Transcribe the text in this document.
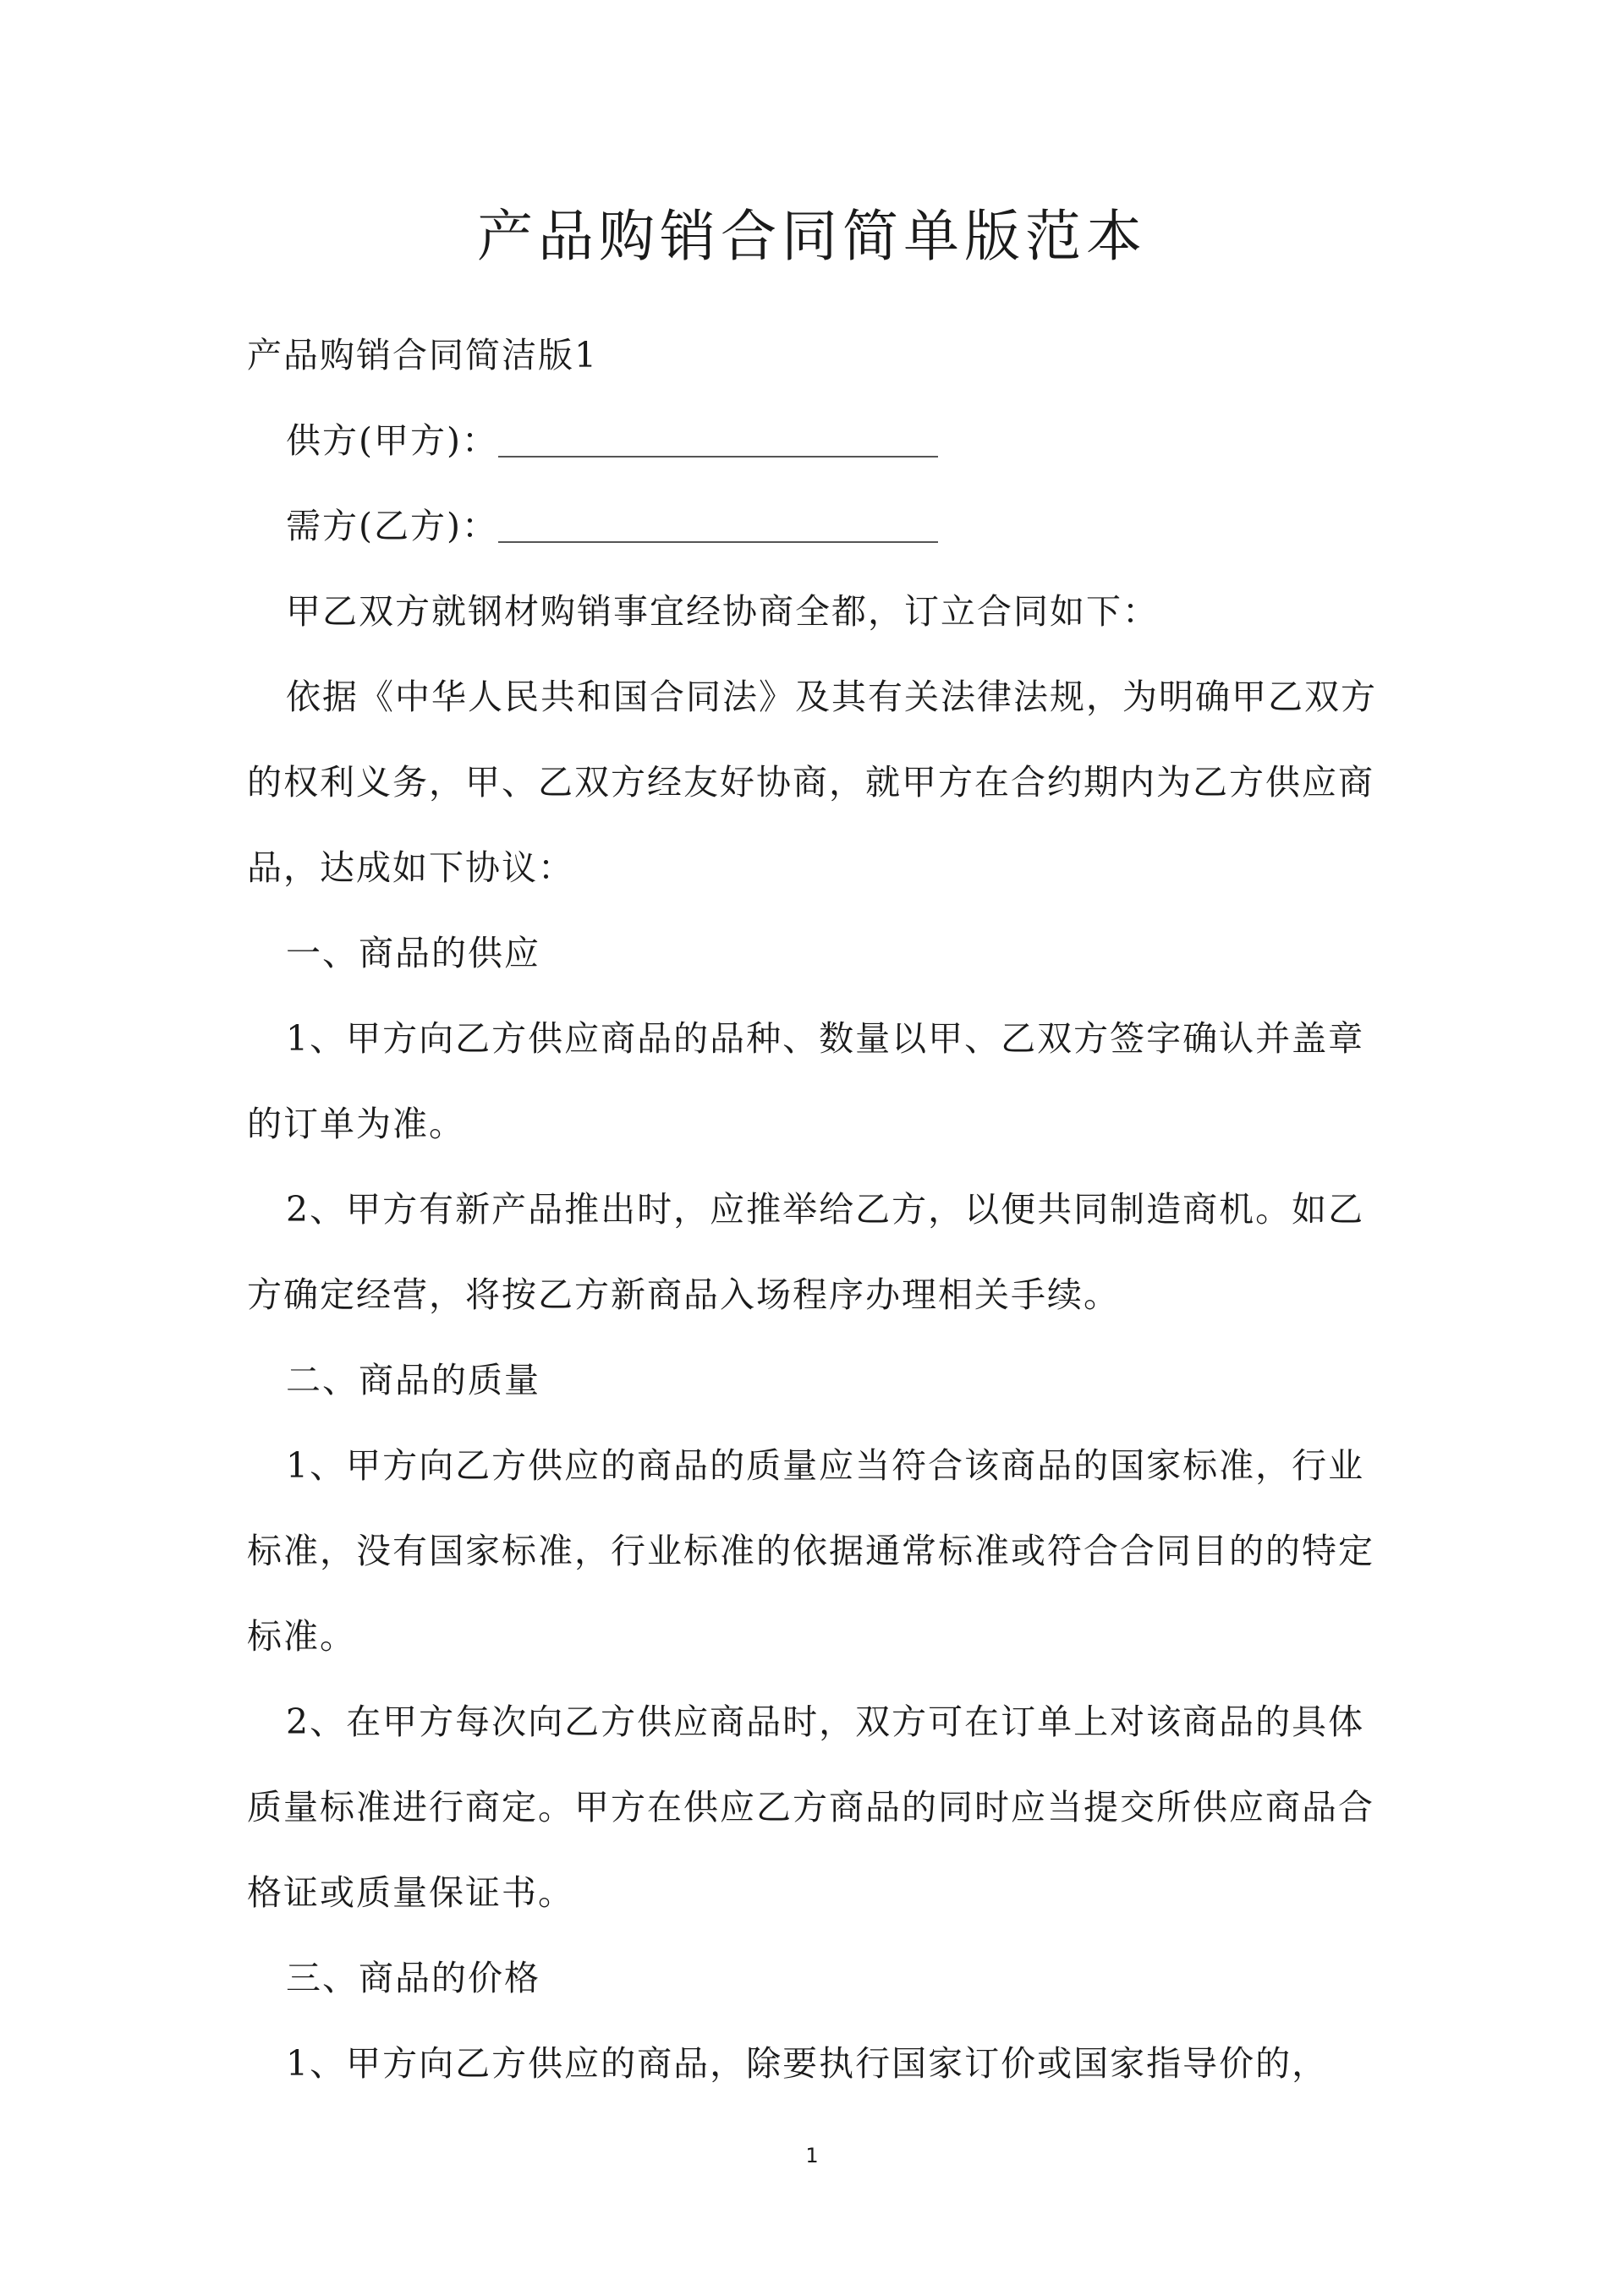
产品购销合同简单版范本

产品购销合同简洁版1

供方(甲方)：

需方(乙方)：

甲乙双方就钢材购销事宜经协商全都，订立合同如下：

依据《中华人民共和国合同法》及其有关法律法规，为明确甲乙双方的权利义务，甲、乙双方经友好协商，就甲方在合约期内为乙方供应商品，达成如下协议：

一、商品的供应

1、甲方向乙方供应商品的品种、数量以甲、乙双方签字确认并盖章的订单为准。

2、甲方有新产品推出时，应推举给乙方，以便共同制造商机。如乙方确定经营，将按乙方新商品入场程序办理相关手续。

二、商品的质量

1、甲方向乙方供应的商品的质量应当符合该商品的国家标准，行业标准，没有国家标准，行业标准的依据通常标准或符合合同目的的特定标准。

2、在甲方每次向乙方供应商品时，双方可在订单上对该商品的具体质量标准进行商定。甲方在供应乙方商品的同时应当提交所供应商品合格证或质量保证书。

三、商品的价格

1、甲方向乙方供应的商品，除要执行国家订价或国家指导价的，

1
